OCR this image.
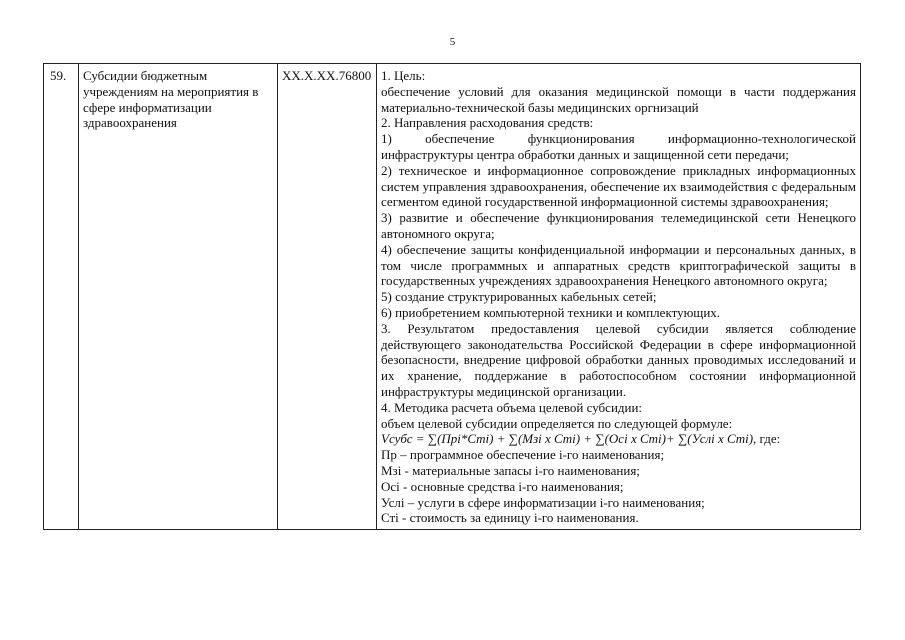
5
59.	Субсидии бюджетным учреждениям на мероприятия в сфере информатизации здравоохранения	ХХ.Х.ХХ.76800	1. Цель:
обеспечение условий для оказания медицинской помощи в части поддержания материально-технической базы медицинских оргнизаций
2. Направления расходования средств:
1) обеспечение функционирования информационно-технологической инфраструктуры центра обработки данных и защищенной сети передачи;
2) техническое и информационное сопровождение прикладных информационных систем управления здравоохранения, обеспечение их взаимодействия с федеральным сегментом единой государственной информационной системы здравоохранения;
3) развитие и обеспечение функционирования телемедицинской сети Ненецкого автономного округа;
4) обеспечение защиты конфиденциальной информации и персональных данных, в том числе программных и аппаратных средств криптографической защиты в государственных учреждениях здравоохранения Ненецкого автономного округа;
5) создание структурированных кабельных сетей;
6) приобретением компьютерной техники и комплектующих.
3. Результатом предоставления целевой субсидии является соблюдение действующего законодательства Российской Федерации в сфере информационной безопасности, внедрение цифровой обработки данных проводимых исследований и их хранение, поддержание в работоспособном состоянии информационной инфраструктуры медицинской организации.
4. Методика расчета объема целевой субсидии:
объем целевой субсидии определяется по следующей формуле:
Vсубс = ∑(Прі*Cmi) + ∑(Мзі х Cmi) + ∑(Осі х Cmi)+ ∑(Услі х Cmi), где:
Пр – программное обеспечение і-го наименования;
Мзі - материальные запасы і-го наименования;
Осі - основные средства і-го наименования;
Услі – услуги в сфере информатизации і-го наименования;
Сті - стоимость за единицу і-го наименования.
